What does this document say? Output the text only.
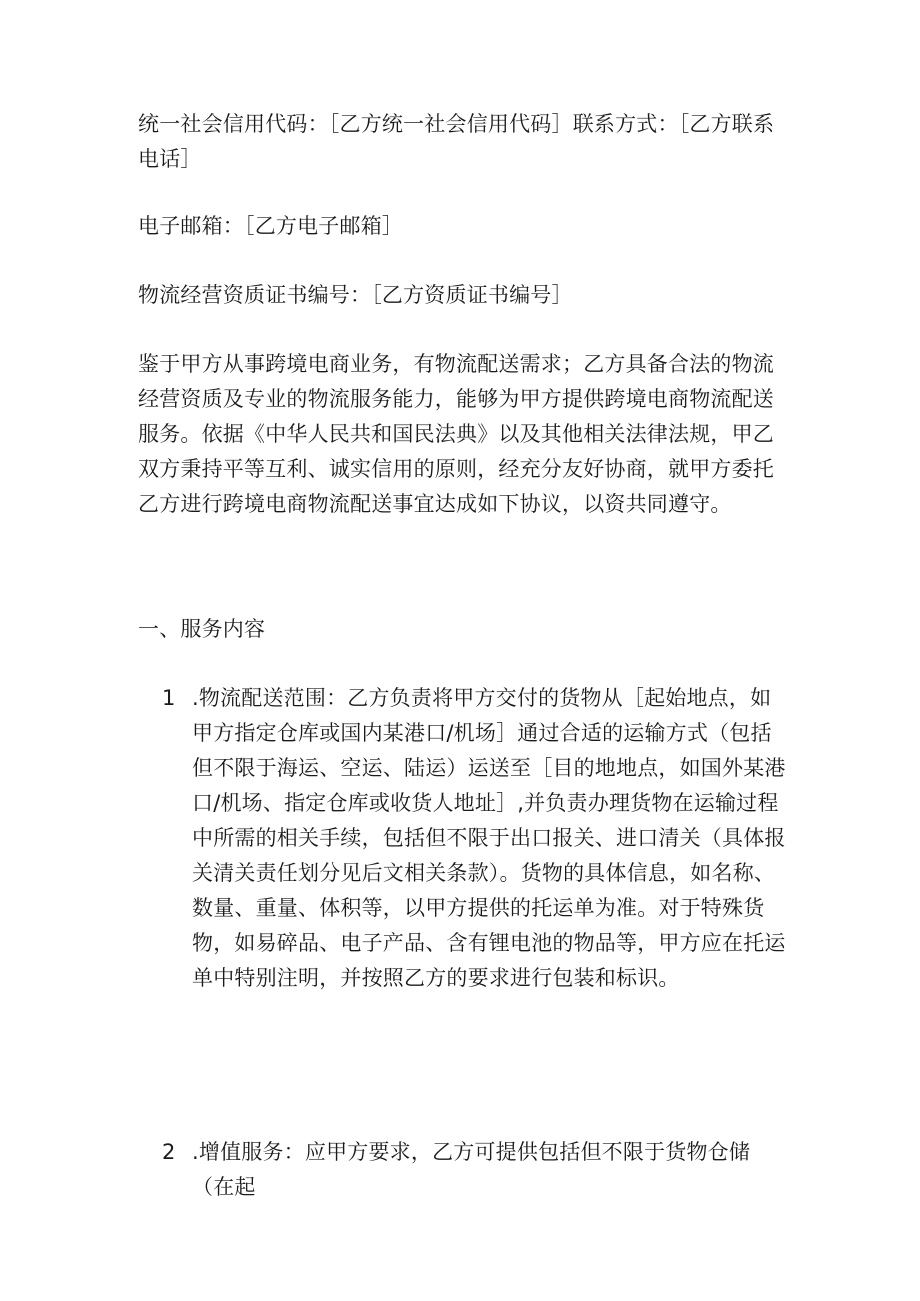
统一社会信用代码：［乙方统一社会信用代码］联系方式：［乙方联系电话］

电子邮箱：［乙方电子邮箱］

物流经营资质证书编号：［乙方资质证书编号］

鉴于甲方从事跨境电商业务，有物流配送需求；乙方具备合法的物流经营资质及专业的物流服务能力，能够为甲方提供跨境电商物流配送服务。依据《中华人民共和国民法典》以及其他相关法律法规，甲乙双方秉持平等互利、诚实信用的原则，经充分友好协商，就甲方委托乙方进行跨境电商物流配送事宜达成如下协议，以资共同遵守。

一、服务内容

1 .物流配送范围：乙方负责将甲方交付的货物从［起始地点，如甲方指定仓库或国内某港口/机场］通过合适的运输方式（包括但不限于海运、空运、陆运）运送至［目的地地点，如国外某港口/机场、指定仓库或收货人地址］,并负责办理货物在运输过程中所需的相关手续，包括但不限于出口报关、进口清关（具体报关清关责任划分见后文相关条款）。货物的具体信息，如名称、数量、重量、体积等，以甲方提供的托运单为准。对于特殊货物，如易碎品、电子产品、含有锂电池的物品等，甲方应在托运单中特别注明，并按照乙方的要求进行包装和标识。
2 .增值服务：应甲方要求，乙方可提供包括但不限于货物仓储（在起
